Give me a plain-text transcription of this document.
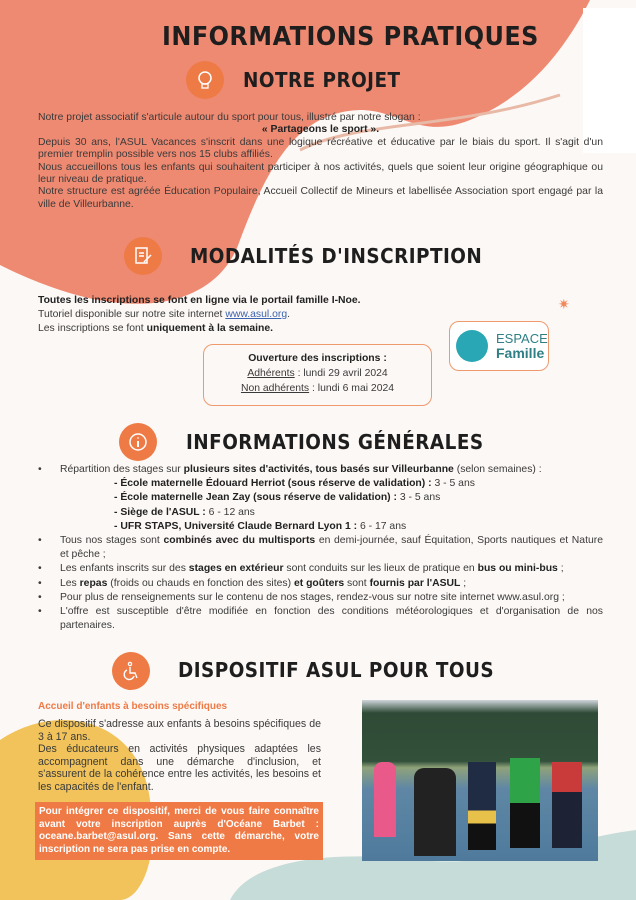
INFORMATIONS PRATIQUES
NOTRE PROJET
Notre projet associatif s'articule autour du sport pour tous, illustré par notre slogan :
« Partageons le sport ».
Depuis 30 ans, l'ASUL Vacances s'inscrit dans une logique récréative et éducative par le biais du sport. Il s'agit d'un premier tremplin possible vers nos 15 clubs affiliés.
Nous accueillons tous les enfants qui souhaitent participer à nos activités, quels que soient leur origine géographique ou leur niveau de pratique.
Notre structure est agréée Éducation Populaire, Accueil Collectif de Mineurs et labellisée Association sport engagé par la ville de Villeurbanne.
MODALITÉS D'INSCRIPTION
Toutes les inscriptions se font en ligne via le portail famille I-Noe.
Tutoriel disponible sur notre site internet www.asul.org.
Les inscriptions se font uniquement à la semaine.
Ouverture des inscriptions :
Adhérents : lundi 29 avril 2024
Non adhérents : lundi 6 mai 2024
ESPACE
Famille
✷
INFORMATIONS GÉNÉRALES
• Répartition des stages sur plusieurs sites d'activités, tous basés sur Villeurbanne (selon semaines) :
- École maternelle Édouard Herriot (sous réserve de validation) : 3 - 5 ans
- École maternelle Jean Zay (sous réserve de validation) : 3 - 5 ans
- Siège de l'ASUL : 6 - 12 ans
- UFR STAPS, Université Claude Bernard Lyon 1 : 6 - 17 ans
• Tous nos stages sont combinés avec du multisports en demi-journée, sauf Équitation, Sports nautiques et Nature et pêche ;
• Les enfants inscrits sur des stages en extérieur sont conduits sur les lieux de pratique en bus ou mini-bus ;
• Les repas (froids ou chauds en fonction des sites) et goûters sont fournis par l'ASUL ;
• Pour plus de renseignements sur le contenu de nos stages, rendez-vous sur notre site internet www.asul.org ;
• L'offre est susceptible d'être modifiée en fonction des conditions météorologiques et d'organisation de nos partenaires.
DISPOSITIF ASUL POUR TOUS
Accueil d'enfants à besoins spécifiques
Ce dispositif s'adresse aux enfants à besoins spécifiques de 3 à 17 ans.
Des éducateurs en activités physiques adaptées les accompagnent dans une démarche d'inclusion, et s'assurent de la cohérence entre les activités, les besoins et les capacités de l'enfant.
Pour intégrer ce dispositif, merci de vous faire connaître avant votre inscription auprès d'Océane Barbet : oceane.barbet@asul.org. Sans cette démarche, votre inscription ne sera pas prise en compte.
